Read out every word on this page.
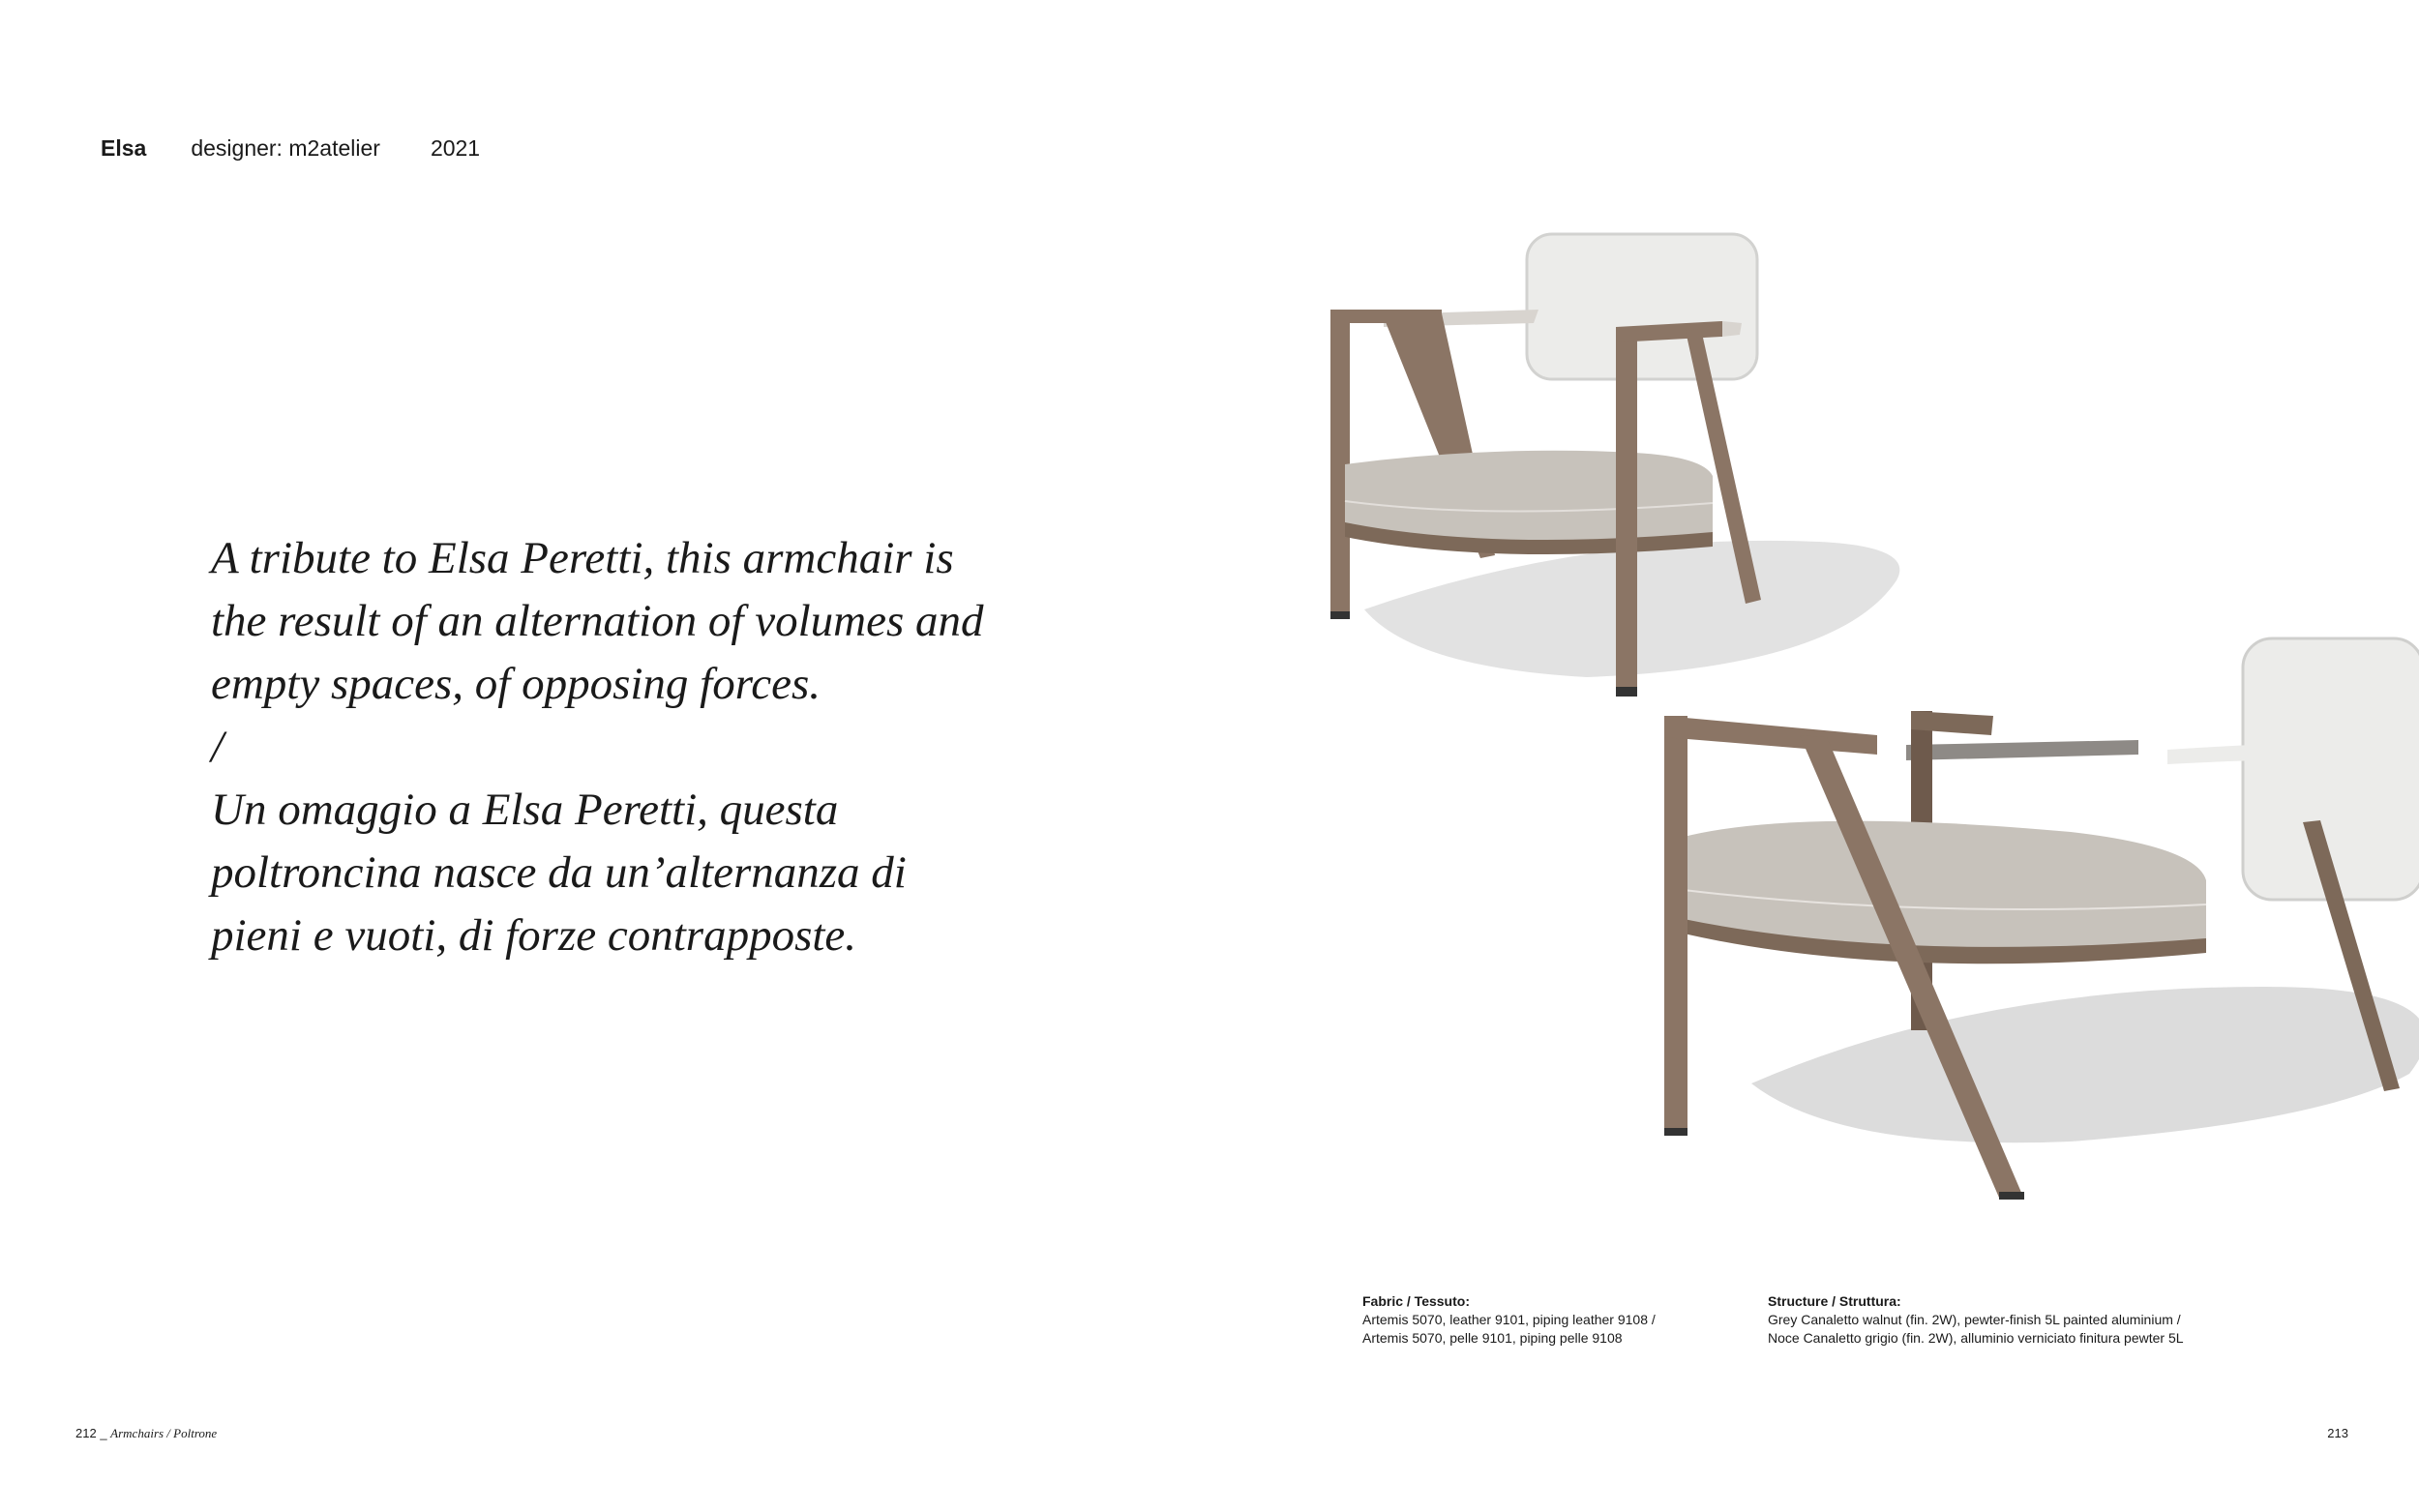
Elsa designer: m2atelier 2021

A tribute to Elsa Peretti, this armchair is

the result of an alternation of volumes and

empty spaces, of opposing forces.

/

Un omaggio a Elsa Peretti, questa

poltroncina nasce da un’alternanza di

pieni e vuoti, di forze contrapposte.

Fabric / Tessuto:
Artemis 5070, leather 9101, piping leather 9108 /
Artemis 5070, pelle 9101, piping pelle 9108
Structure / Struttura:
Grey Canaletto walnut (fin. 2W), pewter-finish 5L painted aluminium /
Noce Canaletto grigio (fin. 2W), alluminio verniciato finitura pewter 5L
212 _ Armchairs / Poltrone	213
